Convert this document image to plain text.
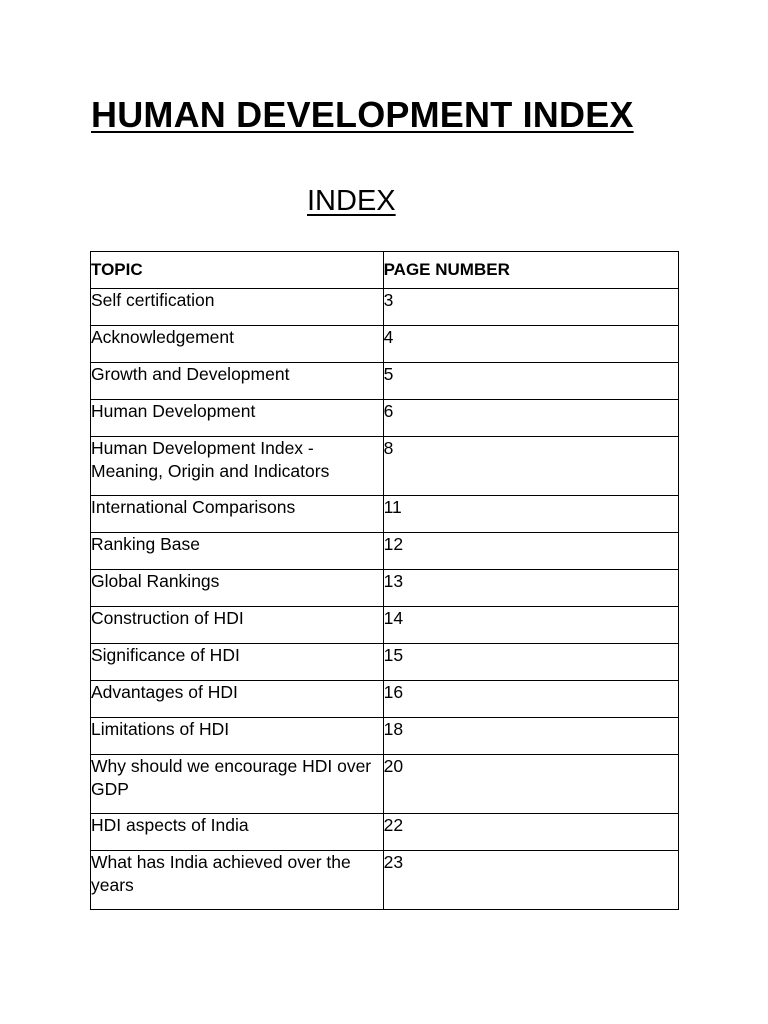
HUMAN DEVELOPMENT INDEX
INDEX
TOPIC	PAGE NUMBER
Self certification	3
Acknowledgement	4
Growth and Development	5
Human Development	6
Human Development Index - Meaning, Origin and Indicators	8
International Comparisons	11
Ranking Base	12
Global Rankings	13
Construction of HDI	14
Significance of HDI	15
Advantages of HDI	16
Limitations of HDI	18
Why should we encourage HDI over GDP	20
HDI aspects of India	22
What has India achieved over the years	23
